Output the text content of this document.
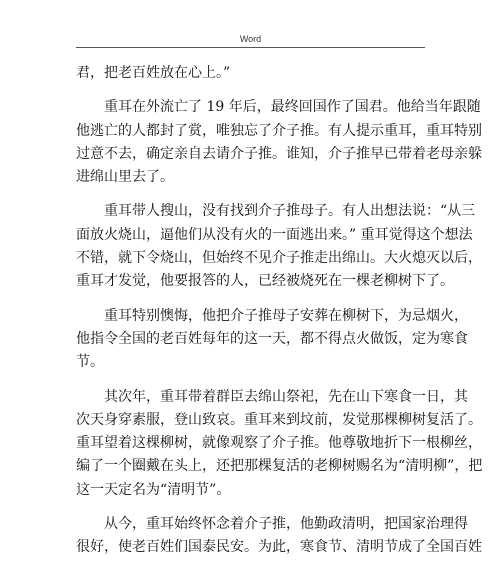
Word
君，把老百姓放在心上。”
重耳在外流亡了 19 年后，最终回国作了国君。他给当年跟随
他逃亡的人都封了赏，唯独忘了介子推。有人提示重耳，重耳特别
过意不去，确定亲自去请介子推。谁知，介子推早已带着老母亲躲
进绵山里去了。
重耳带人搜山，没有找到介子推母子。有人出想法说：“从三
面放火烧山，逼他们从没有火的一面逃出来。” 重耳觉得这个想法
不错，就下令烧山，但始终不见介子推走出绵山。大火熄灭以后，
重耳才发觉，他要报答的人，已经被烧死在一棵老柳树下了。
重耳特别懊悔，他把介子推母子安葬在柳树下，为忌烟火，
他指令全国的老百姓每年的这一天，都不得点火做饭，定为寒食
节。
其次年，重耳带着群臣去绵山祭祀，先在山下寒食一日，其
次天身穿素服，登山致哀。重耳来到坟前，发觉那棵柳树复活了。
重耳望着这棵柳树，就像观察了介子推。他尊敬地折下一根柳丝，
编了一个圈戴在头上，还把那棵复活的老柳树赐名为“清明柳”，把
这一天定名为“清明节”。
从今，重耳始终怀念着介子推，他勤政清明，把国家治理得
很好，使老百姓们国泰民安。为此，寒食节、清明节成了全国百姓
